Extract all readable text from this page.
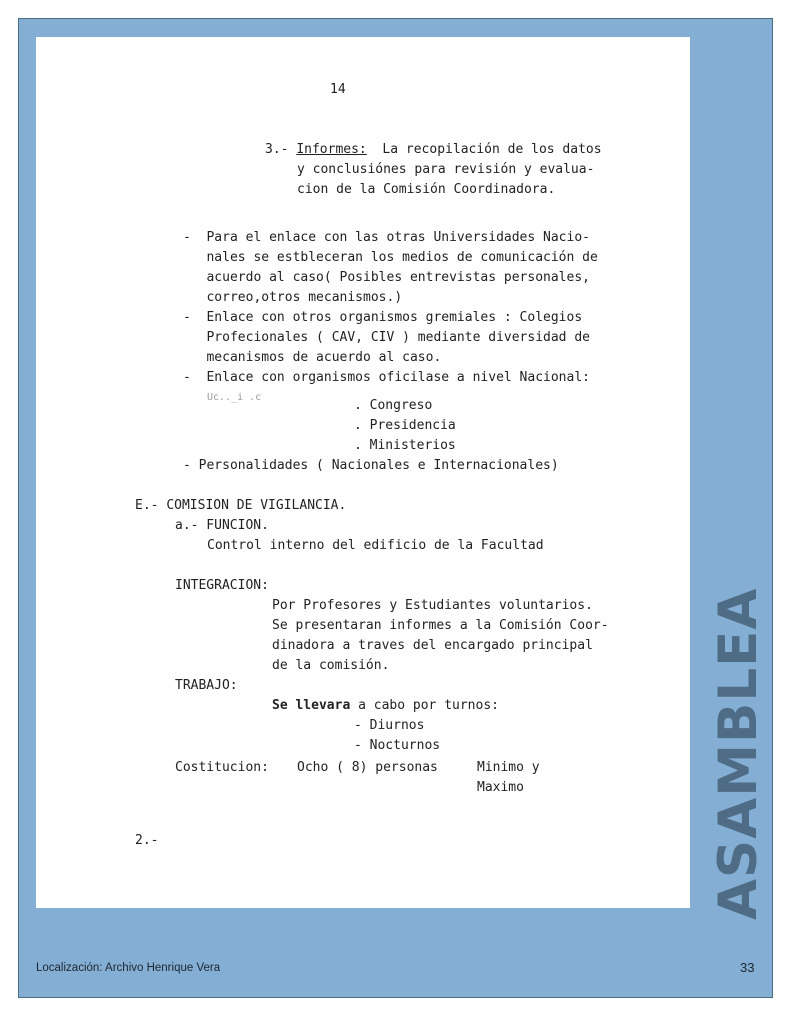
14
3.- Informes: La recopilación de los datos
y conclusiónes para revisión y evalua-
cion de la Comisión Coordinadora.
-  Para el enlace con las otras Universidades Nacio-
nales se estbleceran los medios de comunicación de
acuerdo al caso( Posibles entrevistas personales,
correo,otros mecanismos.)
-  Enlace con otros organismos gremiales : Colegios
Profecionales ( CAV, CIV ) mediante diversidad de
mecanismos de acuerdo al caso.
-  Enlace con organismos oficilase a nivel Nacional:
Uc.._i .c
. Congreso
. Presidencia
. Ministerios
- Personalidades ( Nacionales e Internacionales)
E.- COMISION DE VIGILANCIA.
a.- FUNCION.
Control interno del edificio de la Facultad
INTEGRACION:
Por Profesores y Estudiantes voluntarios.
Se presentaran informes a la Comisión Coor-
dinadora a traves del encargado principal
de la comisión.
TRABAJO:
Se llevara a cabo por turnos:
- Diurnos
- Nocturnos
Costitucion: Ocho ( 8) personas	Minimo y
Maximo
2.-	ASAMBLEA
Localización: Archivo Henrique Vera	33
